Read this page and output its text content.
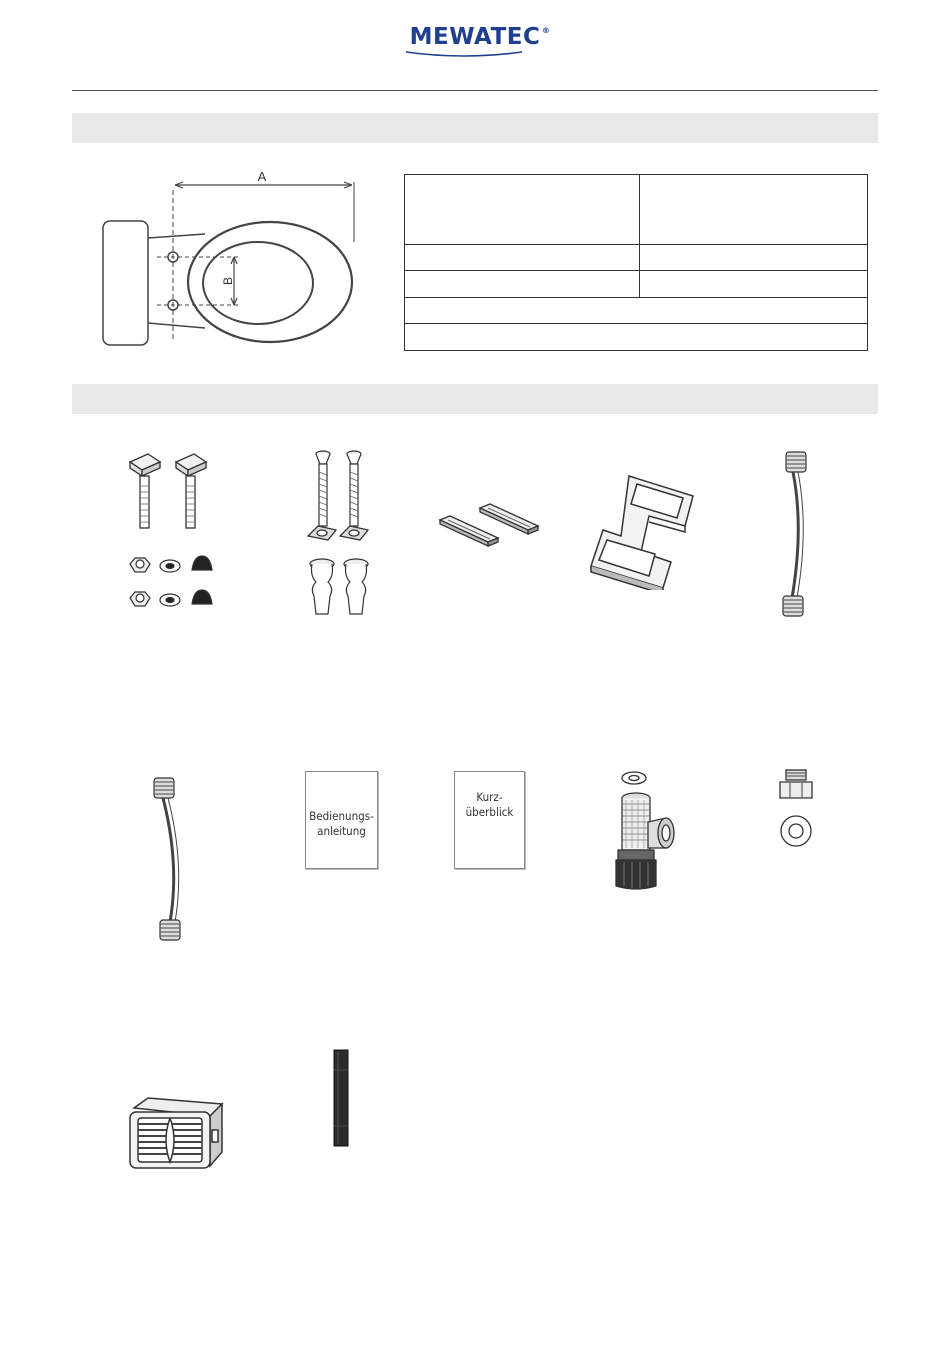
MEWATEC ®
A
B
Bedienungs-
anleitung
Kurz-
überblick
